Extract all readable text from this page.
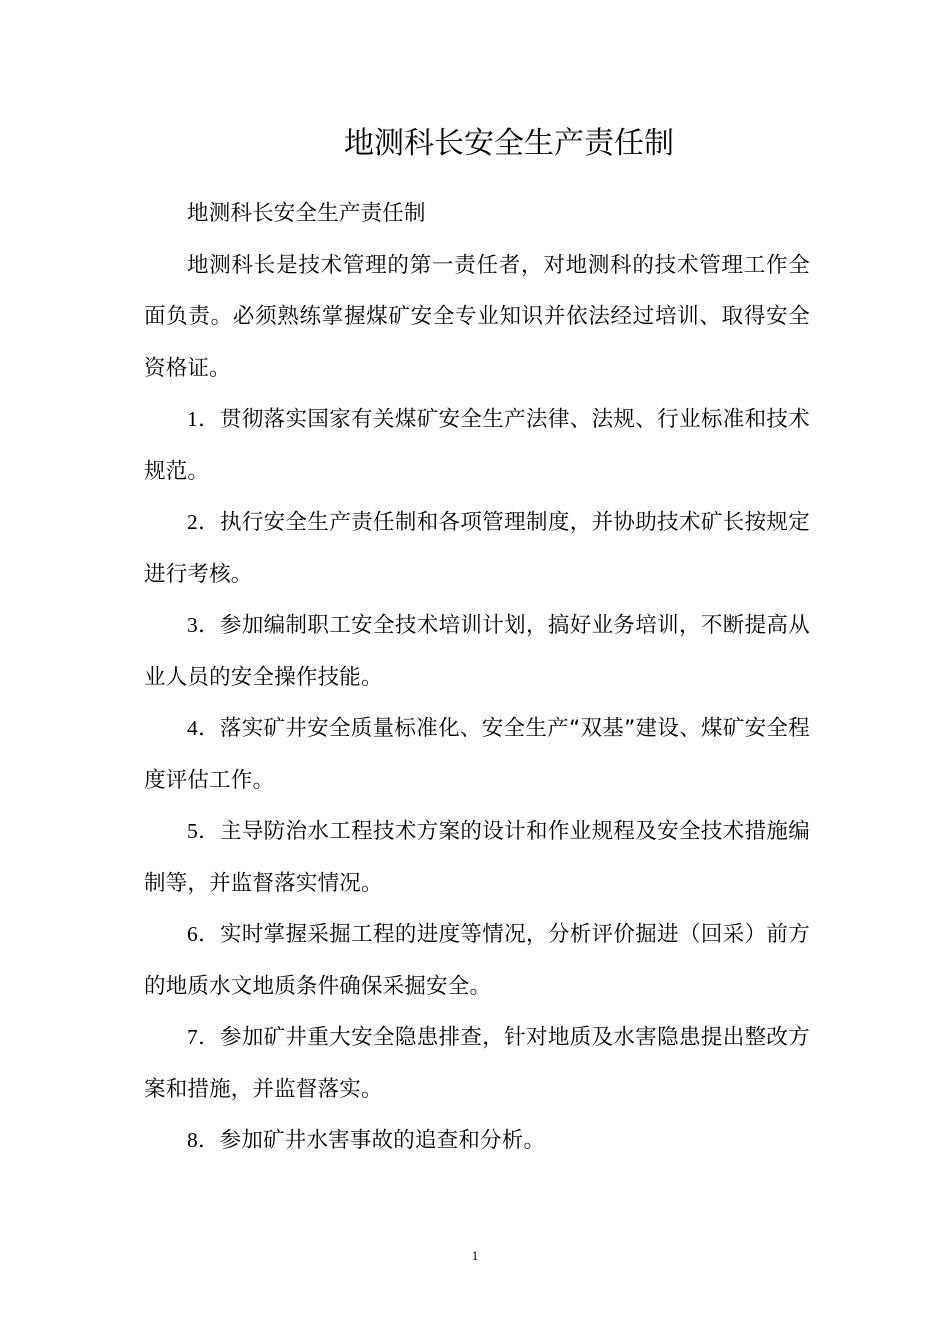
地测科长安全生产责任制

地测科长安全生产责任制

地测科长是技术管理的第一责任者，对地测科的技术管理工作全面负责。必须熟练掌握煤矿安全专业知识并依法经过培训、取得安全资格证。

1．贯彻落实国家有关煤矿安全生产法律、法规、行业标准和技术规范。

2．执行安全生产责任制和各项管理制度，并协助技术矿长按规定进行考核。

3．参加编制职工安全技术培训计划，搞好业务培训，不断提高从业人员的安全操作技能。

4．落实矿井安全质量标准化、安全生产“双基”建设、煤矿安全程度评估工作。

5．主导防治水工程技术方案的设计和作业规程及安全技术措施编制等，并监督落实情况。

6．实时掌握采掘工程的进度等情况，分析评价掘进（回采）前方的地质水文地质条件确保采掘安全。

7．参加矿井重大安全隐患排查，针对地质及水害隐患提出整改方案和措施，并监督落实。

8．参加矿井水害事故的追查和分析。

1
